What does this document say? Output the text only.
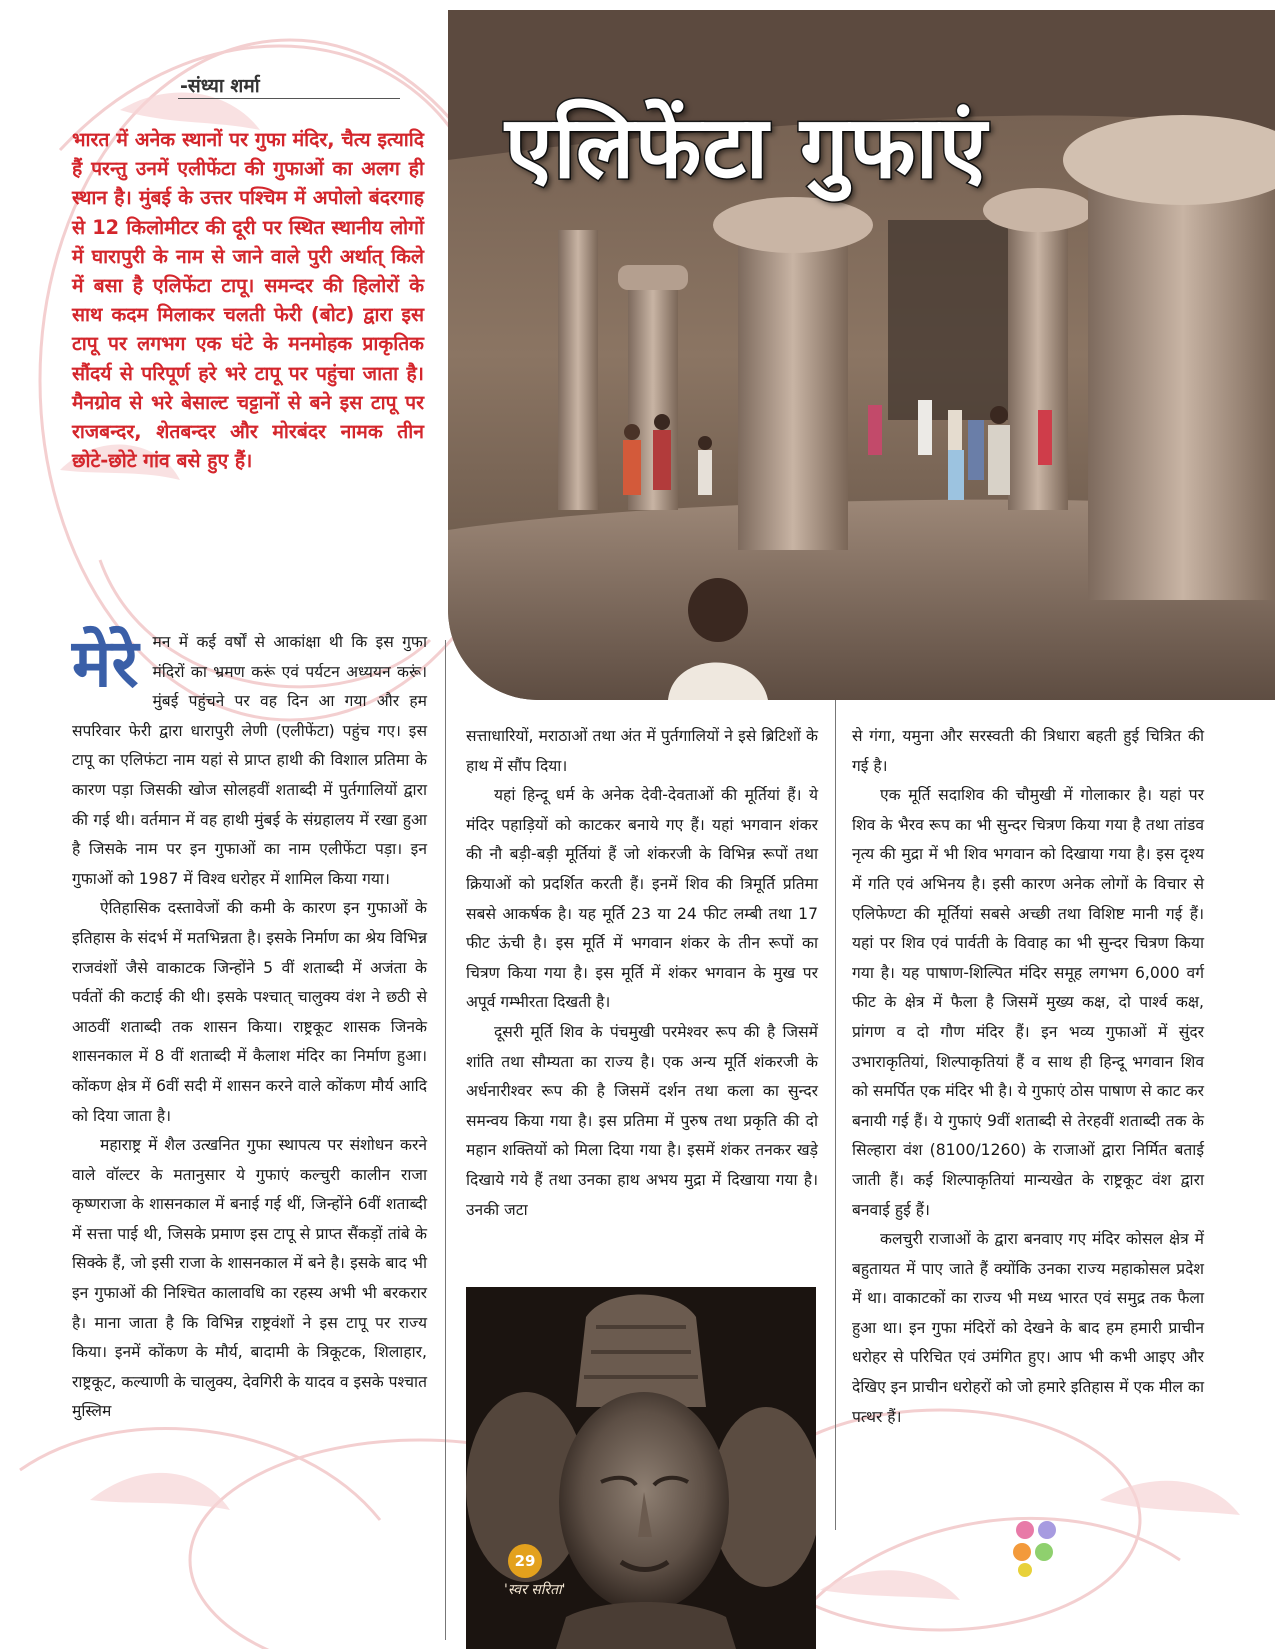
-संध्या शर्मा
भारत में अनेक स्थानों पर गुफा मंदिर, चैत्य इत्यादि हैं परन्तु उनमें एलीफेंटा की गुफाओं का अलग ही स्थान है। मुंबई के उत्तर पश्चिम में अपोलो बंदरगाह से 12 किलोमीटर की दूरी पर स्थित स्थानीय लोगों में घारापुरी के नाम से जाने वाले पुरी अर्थात् किले में बसा है एलिफेंटा टापू। समन्दर की हिलोरों के साथ कदम मिलाकर चलती फेरी (बोट) द्वारा इस टापू पर लगभग एक घंटे के मनमोहक प्राकृतिक सौंदर्य से परिपूर्ण हरे भरे टापू पर पहुंचा जाता है। मैनग्रोव से भरे बेसाल्ट चट्टानों से बने इस टापू पर राजबन्दर, शेतबन्दर और मोरबंदर नामक तीन छोटे-छोटे गांव बसे हुए हैं।
एलिफेंटा गुफाएं

मेरे मन में कई वर्षों से आकांक्षा थी कि इस गुफा मंदिरों का भ्रमण करूं एवं पर्यटन अध्ययन करूं। मुंबई पहुंचने पर वह दिन आ गया और हम सपरिवार फेरी द्वारा धारापुरी लेणी (एलीफेंटा) पहुंच गए। इस टापू का एलिफंटा नाम यहां से प्राप्त हाथी की विशाल प्रतिमा के कारण पड़ा जिसकी खोज सोलहवीं शताब्दी में पुर्तगालियों द्वारा की गई थी। वर्तमान में वह हाथी मुंबई के संग्रहालय में रखा हुआ है जिसके नाम पर इन गुफाओं का नाम एलीफेंटा पड़ा। इन गुफाओं को 1987 में विश्व धरोहर में शामिल किया गया।

ऐतिहासिक दस्तावेजों की कमी के कारण इन गुफाओं के इतिहास के संदर्भ में मतभिन्नता है। इसके निर्माण का श्रेय विभिन्न राजवंशों जैसे वाकाटक जिन्होंने 5 वीं शताब्दी में अजंता के पर्वतों की कटाई की थी। इसके पश्चात् चालुक्य वंश ने छठी से आठवीं शताब्दी तक शासन किया। राष्ट्रकूट शासक जिनके शासनकाल में 8 वीं शताब्दी में कैलाश मंदिर का निर्माण हुआ। कोंकण क्षेत्र में 6वीं सदी में शासन करने वाले कोंकण मौर्य आदि को दिया जाता है।

महाराष्ट्र में शैल उत्खनित गुफा स्थापत्य पर संशोधन करने वाले वॉल्टर के मतानुसार ये गुफाएं कल्चुरी कालीन राजा कृष्णराजा के शासनकाल में बनाई गई थीं, जिन्होंने 6वीं शताब्दी में सत्ता पाई थी, जिसके प्रमाण इस टापू से प्राप्त सैंकड़ों तांबे के सिक्के हैं, जो इसी राजा के शासनकाल में बने है। इसके बाद भी इन गुफाओं की निश्चित कालावधि का रहस्य अभी भी बरकरार है। माना जाता है कि विभिन्न राष्ट्रवंशों ने इस टापू पर राज्य किया। इनमें कोंकण के मौर्य, बादामी के त्रिकूटक, शिलाहार, राष्ट्रकूट, कल्याणी के चालुक्य, देवगिरी के यादव व इसके पश्चात मुस्लिम

सत्ताधारियों, मराठाओं तथा अंत में पुर्तगालियों ने इसे ब्रिटिशों के हाथ में सौंप दिया।

यहां हिन्दू धर्म के अनेक देवी-देवताओं की मूर्तियां हैं। ये मंदिर पहाड़ियों को काटकर बनाये गए हैं। यहां भगवान शंकर की नौ बड़ी-बड़ी मूर्तियां हैं जो शंकरजी के विभिन्न रूपों तथा क्रियाओं को प्रदर्शित करती हैं। इनमें शिव की त्रिमूर्ति प्रतिमा सबसे आकर्षक है। यह मूर्ति 23 या 24 फीट लम्बी तथा 17 फीट ऊंची है। इस मूर्ति में भगवान शंकर के तीन रूपों का चित्रण किया गया है। इस मूर्ति में शंकर भगवान के मुख पर अपूर्व गम्भीरता दिखती है।

दूसरी मूर्ति शिव के पंचमुखी परमेश्वर रूप की है जिसमें शांति तथा सौम्यता का राज्य है। एक अन्य मूर्ति शंकरजी के अर्धनारीश्वर रूप की है जिसमें दर्शन तथा कला का सुन्दर समन्वय किया गया है। इस प्रतिमा में पुरुष तथा प्रकृति की दो महान शक्तियों को मिला दिया गया है। इसमें शंकर तनकर खड़े दिखाये गये हैं तथा उनका हाथ अभय मुद्रा में दिखाया गया है। उनकी जटा

से गंगा, यमुना और सरस्वती की त्रिधारा बहती हुई चित्रित की गई है।

एक मूर्ति सदाशिव की चौमुखी में गोलाकार है। यहां पर शिव के भैरव रूप का भी सुन्दर चित्रण किया गया है तथा तांडव नृत्य की मुद्रा में भी शिव भगवान को दिखाया गया है। इस दृश्य में गति एवं अभिनय है। इसी कारण अनेक लोगों के विचार से एलिफेण्टा की मूर्तियां सबसे अच्छी तथा विशिष्ट मानी गई हैं। यहां पर शिव एवं पार्वती के विवाह का भी सुन्दर चित्रण किया गया है। यह पाषाण-शिल्पित मंदिर समूह लगभग 6,000 वर्ग फीट के क्षेत्र में फैला है जिसमें मुख्य कक्ष, दो पार्श्व कक्ष, प्रांगण व दो गौण मंदिर हैं। इन भव्य गुफाओं में सुंदर उभाराकृतियां, शिल्पाकृतियां हैं व साथ ही हिन्दू भगवान शिव को समर्पित एक मंदिर भी है। ये गुफाएं ठोस पाषाण से काट कर बनायी गई हैं। ये गुफाएं 9वीं शताब्दी से तेरहवीं शताब्दी तक के सिल्हारा वंश (8100/1260) के राजाओं द्वारा निर्मित बताई जाती हैं। कई शिल्पाकृतियां मान्यखेत के राष्ट्रकूट वंश द्वारा बनवाई हुई हैं।

कलचुरी राजाओं के द्वारा बनवाए गए मंदिर कोसल क्षेत्र में बहुतायत में पाए जाते हैं क्योंकि उनका राज्य महाकोसल प्रदेश में था। वाकाटकों का राज्य भी मध्य भारत एवं समुद्र तक फैला हुआ था। इन गुफा मंदिरों को देखने के बाद हम हमारी प्राचीन धरोहर से परिचित एवं उमंगित हुए। आप भी कभी आइए और देखिए इन प्राचीन धरोहरों को जो हमारे इतिहास में एक मील का पत्थर हैं।

29
'स्वर सरिता'
